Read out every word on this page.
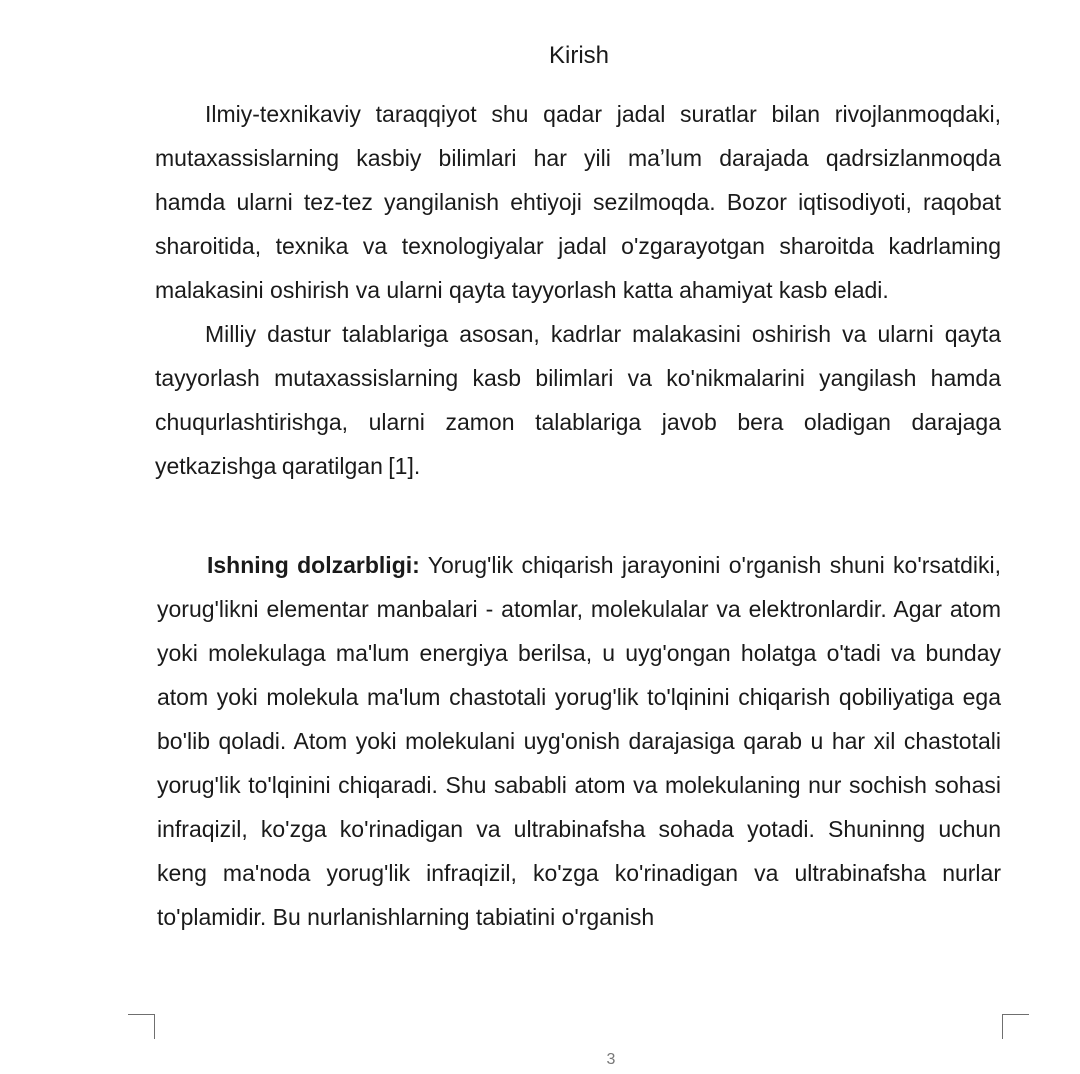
Kirish

Ilmiy-texnikaviy taraqqiyot shu qadar jadal suratlar bilan rivojlanmoqdaki, mutaxassislarning kasbiy bilimlari har yili maʼlum darajada qadrsizlanmoqda hamda ularni tez-tez yangilanish ehtiyoji sezilmoqda. Bozor iqtisodiyoti, raqobat sharoitida, texnika va texnologiyalar jadal o'zgarayotgan sharoitda kadrlaming malakasini oshirish va ularni qayta tayyorlash katta ahamiyat kasb eladi.

Milliy dastur talablariga asosan, kadrlar malakasini oshirish va ularni qayta tayyorlash mutaxassislarning kasb bilimlari va ko'nikmalarini yangilash hamda chuqurlashtirishga, ularni zamon talablariga javob bera oladigan darajaga yetkazishga qaratilgan [1].

Ishning dolzarbligi: Yorug'lik chiqarish jarayonini o'rganish shuni ko'rsatdiki, yorug'likni elementar manbalari - atomlar, molekulalar va elektronlardir. Agar atom yoki molekulaga ma'lum energiya berilsa, u uyg'ongan holatga o'tadi va bunday atom yoki molekula ma'lum chastotali yorug'lik to'lqinini chiqarish qobiliyatiga ega bo'lib qoladi. Atom yoki molekulani uyg'onish darajasiga qarab u har xil chastotali yorug'lik to'lqinini chiqaradi. Shu sababli atom va molekulaning nur sochish sohasi infraqizil, ko'zga ko'rinadigan va ultrabinafsha sohada yotadi. Shuninng uchun keng ma'noda yorug'lik infraqizil, ko'zga ko'rinadigan va ultrabinafsha nurlar to'plamidir. Bu nurlanishlarning tabiatini o'rganish

3
